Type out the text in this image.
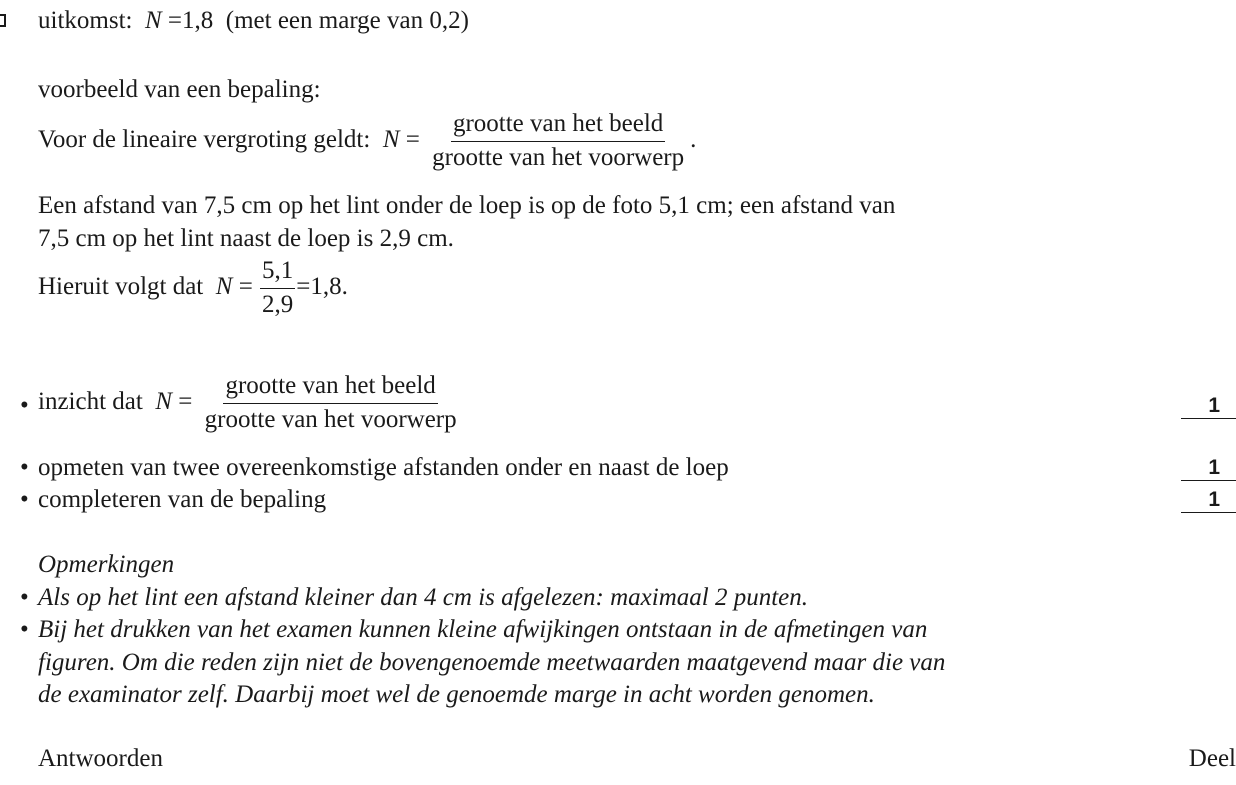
uitkomst: N =1,8 (met een marge van 0,2)
voorbeeld van een bepaling:
Voor de lineaire vergroting geldt: $N = \frac{\text{grootte van het beeld}}{\text{grootte van het voorwerp}}$ .
Een afstand van 7,5 cm op het lint onder de loep is op de foto 5,1 cm; een afstand van
7,5 cm op het lint naast de loep is 2,9 cm.
Hieruit volgt dat $N = \frac{5,1}{2,9} =1,8$.
• inzicht dat $N = \frac{\text{grootte van het beeld}}{\text{grootte van het voorwerp}}$	1
• opmeten van twee overeenkomstige afstanden onder en naast de loep	1
• completeren van de bepaling	1
Opmerkingen
• Als op het lint een afstand kleiner dan 4 cm is afgelezen: maximaal 2 punten.
• Bij het drukken van het examen kunnen kleine afwijkingen ontstaan in de afmetingen van
figuren. Om die reden zijn niet de bovengenoemde meetwaarden maatgevend maar die van
de examinator zelf. Daarbij moet wel de genoemde marge in acht worden genomen.
Antwoorden	Deel
